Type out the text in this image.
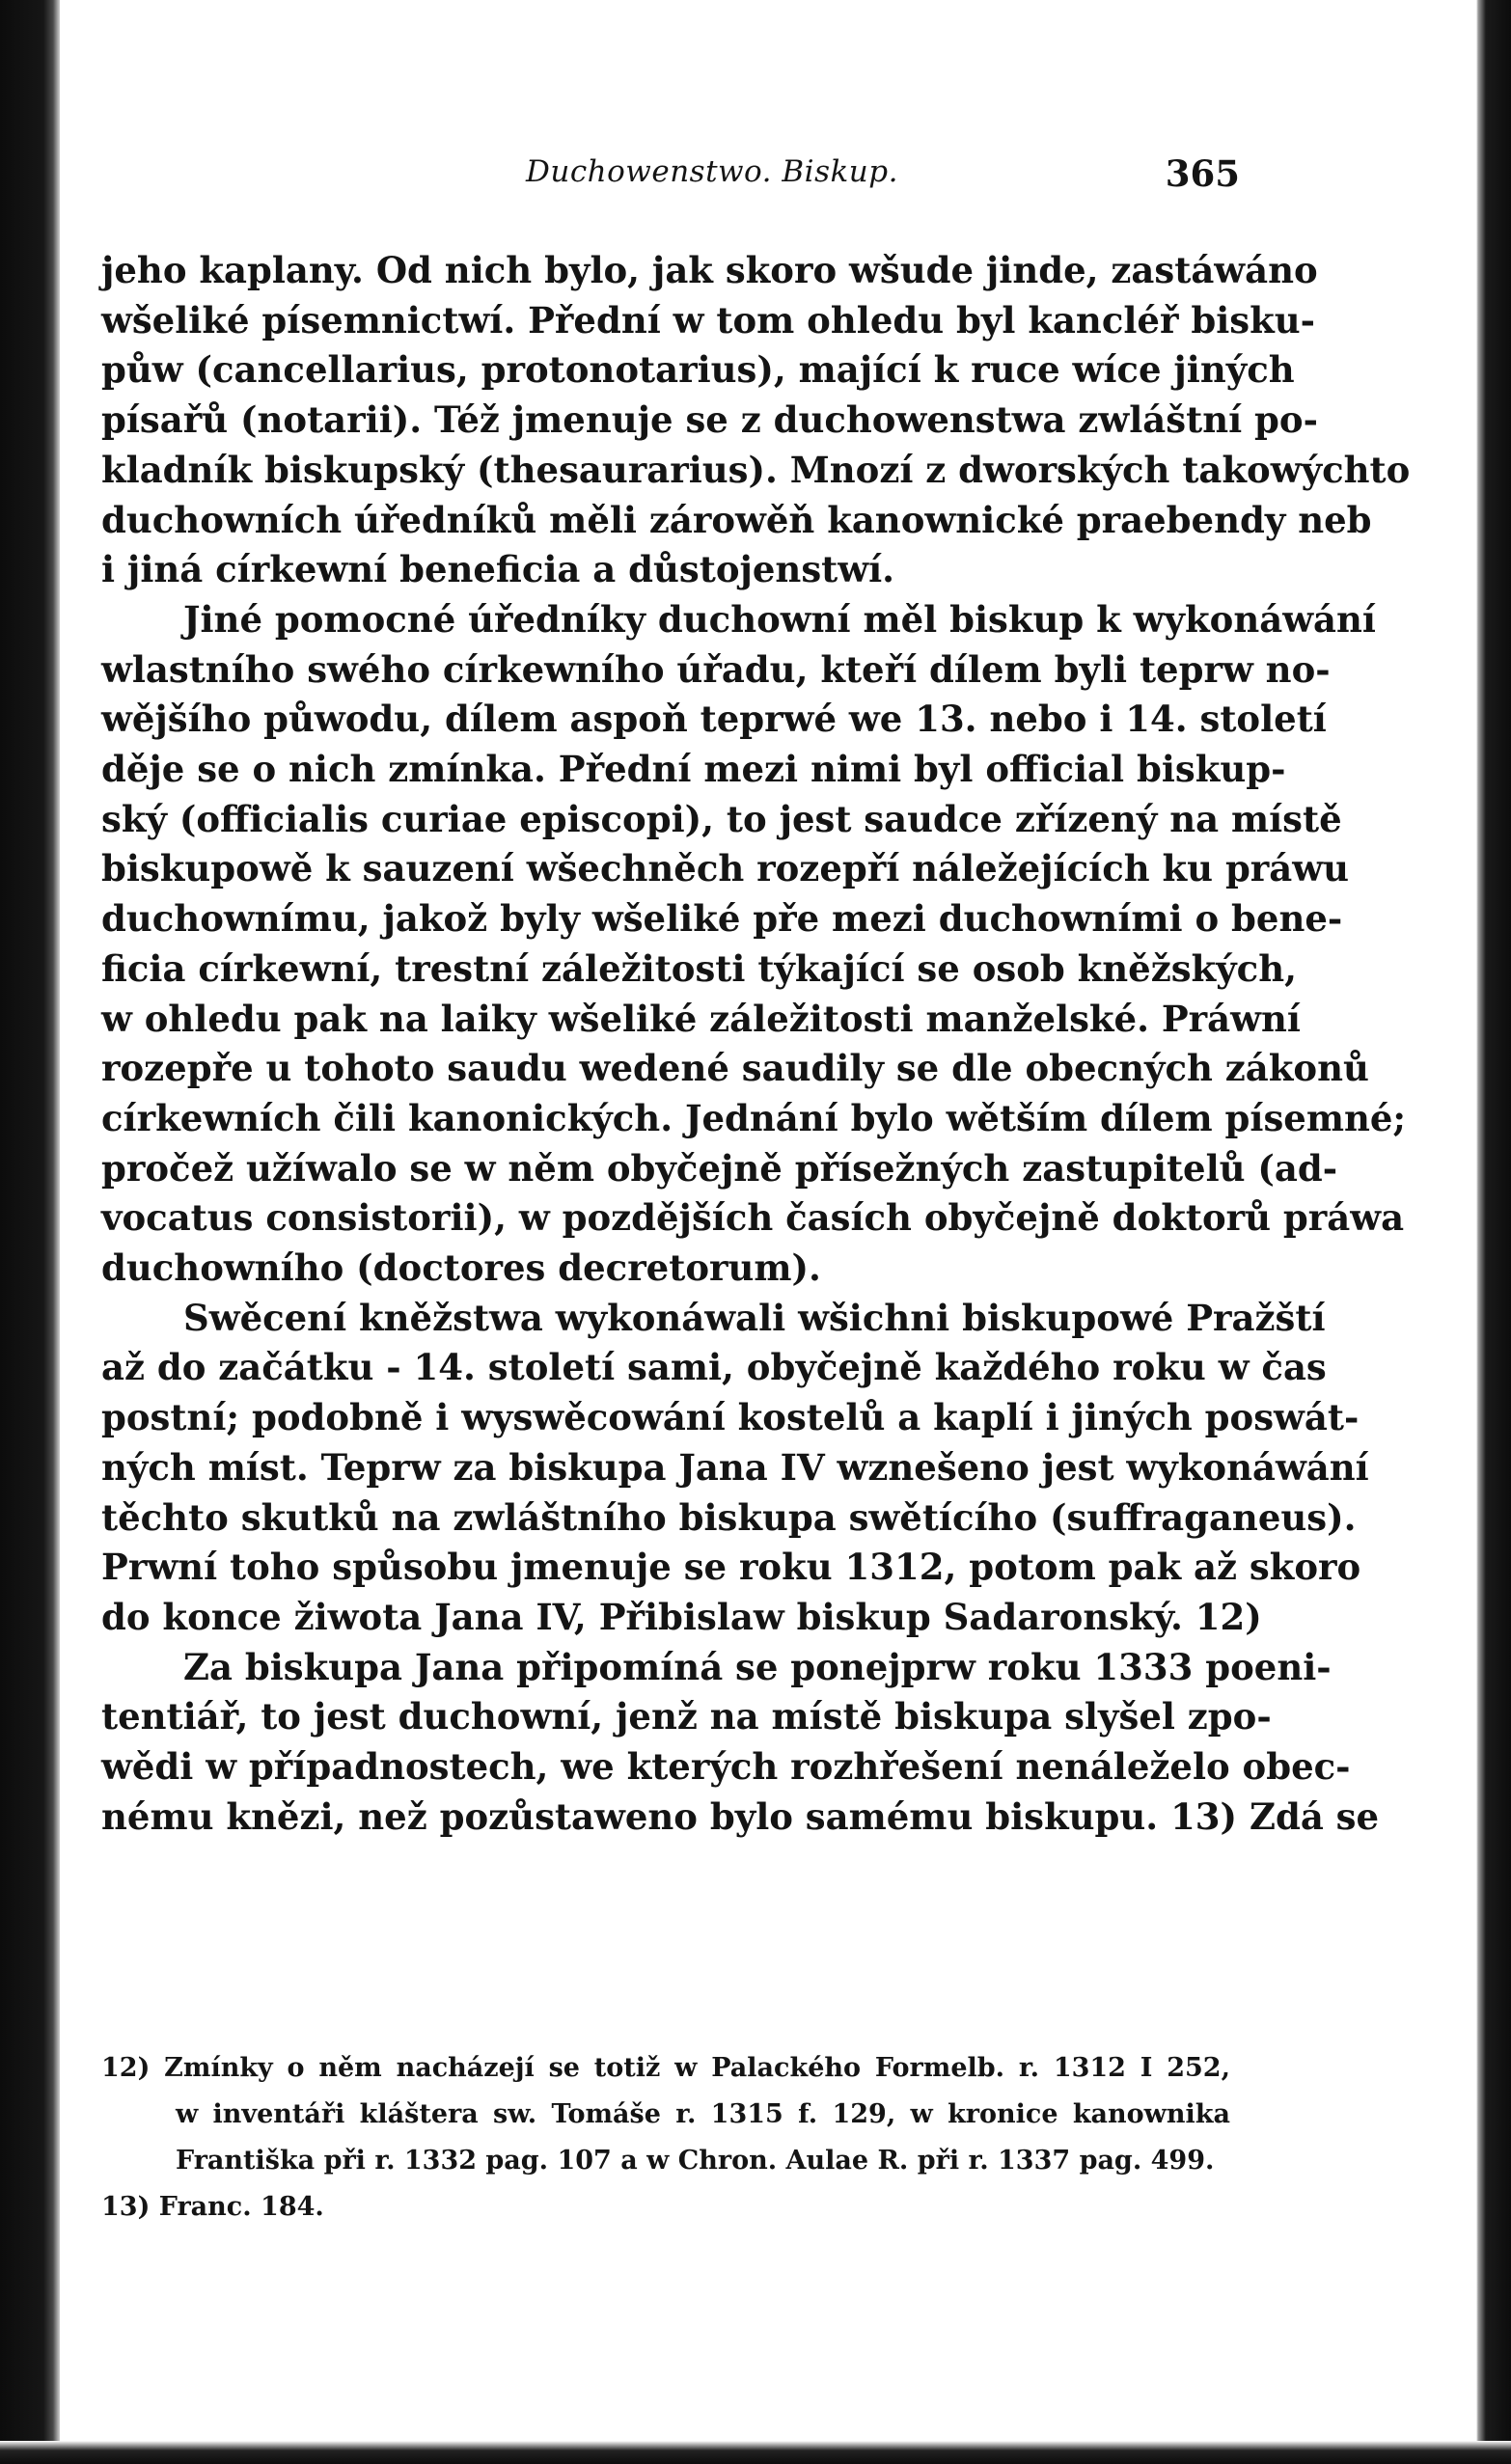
Duchowenstwo. Biskup.	365
jeho kaplany. Od nich bylo, jak skoro wšude jinde, zastáwáno
wšeliké písemnictwí. Přední w tom ohledu byl kancléř bisku-
půw (cancellarius, protonotarius), mající k ruce wíce jiných
písařů (notarii). Též jmenuje se z duchowenstwa zwláštní po-
kladník biskupský (thesaurarius). Mnozí z dworských takowýchto
duchowních úředníků měli zárowěň kanownické praebendy neb
i jiná církewní beneficia a důstojenstwí.
Jiné pomocné úředníky duchowní měl biskup k wykonáwání
wlastního swého církewního úřadu, kteří dílem byli teprw no-
wějšího půwodu, dílem aspoň teprwé we 13. nebo i 14. století
děje se o nich zmínka. Přední mezi nimi byl official biskup-
ský (officialis curiae episcopi), to jest saudce zřízený na místě
biskupowě k sauzení wšechněch rozepří náležejících ku práwu
duchownímu, jakož byly wšeliké pře mezi duchowními o bene-
ficia církewní, trestní záležitosti týkající se osob kněžských,
w ohledu pak na laiky wšeliké záležitosti manželské. Práwní
rozepře u tohoto saudu wedené saudily se dle obecných zákonů
církewních čili kanonických. Jednání bylo wětším dílem písemné;
pročež užíwalo se w něm obyčejně přísežných zastupitelů (ad-
vocatus consistorii), w pozdějších časích obyčejně doktorů práwa
duchowního (doctores decretorum).
Swěcení kněžstwa wykonáwali wšichni biskupowé Pražští
až do začátku - 14. století sami, obyčejně každého roku w čas
postní; podobně i wyswěcowání kostelů a kaplí i jiných poswát-
ných míst. Teprw za biskupa Jana IV wznešeno jest wykonáwání
těchto skutků na zwláštního biskupa swětícího (suffraganeus).
Prwní toho spůsobu jmenuje se roku 1312, potom pak až skoro
do konce žiwota Jana IV, Přibislaw biskup Sadaronský. 12)
Za biskupa Jana připomíná se ponejprw roku 1333 poeni-
tentiář, to jest duchowní, jenž na místě biskupa slyšel zpo-
wědi w případnostech, we kterých rozhřešení nenáleželo obec-
nému knězi, než pozůstaweno bylo samému biskupu. 13) Zdá se
12) Zmínky o něm nacházejí se totiž w Palackého Formelb. r. 1312 I 252,
w inventáři kláštera sw. Tomáše r. 1315 f. 129, w kronice kanownika
Františka při r. 1332 pag. 107 a w Chron. Aulae R. při r. 1337 pag. 499.
13) Franc. 184.
